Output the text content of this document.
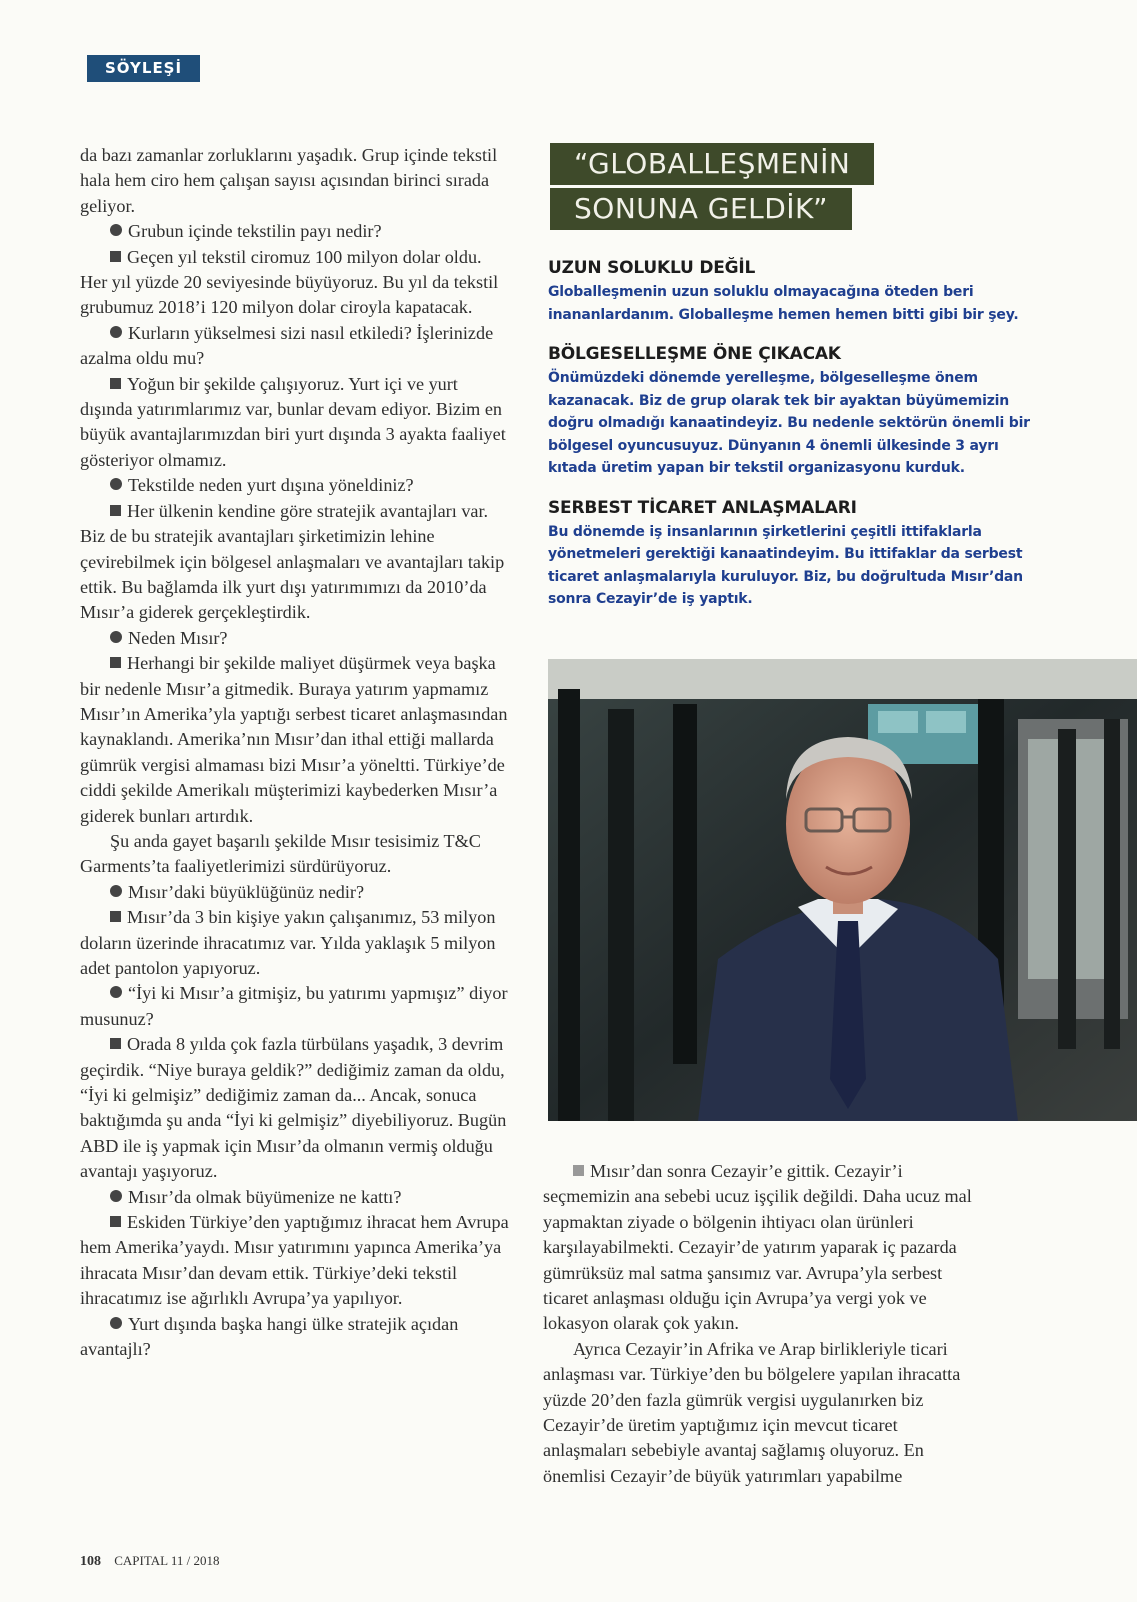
SÖYLEŞİ

da bazı zamanlar zorluklarını yaşadık. Grup içinde tekstil hala hem ciro hem çalışan sayısı açısından birinci sırada geliyor.

Grubun içinde tekstilin payı nedir?

Geçen yıl tekstil ciromuz 100 milyon dolar oldu. Her yıl yüzde 20 seviyesinde büyüyoruz. Bu yıl da tekstil grubumuz 2018’i 120 milyon dolar ciroyla kapatacak.

Kurların yükselmesi sizi nasıl etkiledi? İşlerinizde azalma oldu mu?

Yoğun bir şekilde çalışıyoruz. Yurt içi ve yurt dışında yatırımlarımız var, bunlar devam ediyor. Bizim en büyük avantajlarımızdan biri yurt dışında 3 ayakta faaliyet gösteriyor olmamız.

Tekstilde neden yurt dışına yöneldiniz?

Her ülkenin kendine göre stratejik avantajları var. Biz de bu stratejik avantajları şirketimizin lehine çevirebilmek için bölgesel anlaşmaları ve avantajları takip ettik. Bu bağlamda ilk yurt dışı yatırımımızı da 2010’da Mısır’a giderek gerçekleştirdik.

Neden Mısır?

Herhangi bir şekilde maliyet düşürmek veya başka bir nedenle Mısır’a gitmedik. Buraya yatırım yapmamız Mısır’ın Amerika’yla yaptığı serbest ticaret anlaşmasından kaynaklandı. Amerika’nın Mısır’dan ithal ettiği mallarda gümrük vergisi almaması bizi Mısır’a yöneltti. Türkiye’de ciddi şekilde Amerikalı müşterimizi kaybederken Mısır’a giderek bunları artırdık.

Şu anda gayet başarılı şekilde Mısır tesisimiz T&C Garments’ta faaliyetlerimizi sürdürüyoruz.

Mısır’daki büyüklüğünüz nedir?

Mısır’da 3 bin kişiye yakın çalışanımız, 53 milyon doların üzerinde ihracatımız var. Yılda yaklaşık 5 milyon adet pantolon yapıyoruz.

“İyi ki Mısır’a gitmişiz, bu yatırımı yapmışız” diyor musunuz?

Orada 8 yılda çok fazla türbülans yaşadık, 3 devrim geçirdik. “Niye buraya geldik?” dediğimiz zaman da oldu, “İyi ki gelmişiz” dediğimiz zaman da... Ancak, sonuca baktığımda şu anda “İyi ki gelmişiz” diyebiliyoruz. Bugün ABD ile iş yapmak için Mısır’da olmanın vermiş olduğu avantajı yaşıyoruz.

Mısır’da olmak büyümenize ne kattı?

Eskiden Türkiye’den yaptığımız ihracat hem Avrupa hem Amerika’yaydı. Mısır yatırımını yapınca Amerika’ya ihracata Mısır’dan devam ettik. Türkiye’deki tekstil ihracatımız ise ağırlıklı Avrupa’ya yapılıyor.

Yurt dışında başka hangi ülke stratejik açıdan avantajlı?

“GLOBALLEŞMENİN
SONUNA GELDİK”
UZUN SOLUKLU DEĞİL
Globalleşmenin uzun soluklu olmayacağına öteden beri inananlardanım. Globalleşme hemen hemen bitti gibi bir şey.
BÖLGESELLEŞME ÖNE ÇIKACAK
Önümüzdeki dönemde yerelleşme, bölgeselleşme önem kazanacak. Biz de grup olarak tek bir ayaktan büyümemizin doğru olmadığı kanaatindeyiz. Bu nedenle sektörün önemli bir bölgesel oyuncusuyuz. Dünyanın 4 önemli ülkesinde 3 ayrı kıtada üretim yapan bir tekstil organizasyonu kurduk.
SERBEST TİCARET ANLAŞMALARI
Bu dönemde iş insanlarının şirketlerini çeşitli ittifaklarla yönetmeleri gerektiği kanaatindeyim. Bu ittifaklar da serbest ticaret anlaşmalarıyla kuruluyor. Biz, bu doğrultuda Mısır’dan sonra Cezayir’de iş yaptık.

Mısır’dan sonra Cezayir’e gittik. Cezayir’i seçmemizin ana sebebi ucuz işçilik değildi. Daha ucuz mal yapmaktan ziyade o bölgenin ihtiyacı olan ürünleri karşılayabilmekti. Cezayir’de yatırım yaparak iç pazarda gümrüksüz mal satma şansımız var. Avrupa’yla serbest ticaret anlaşması olduğu için Avrupa’ya vergi yok ve lokasyon olarak çok yakın.

Ayrıca Cezayir’in Afrika ve Arap birlikleriyle ticari anlaşması var. Türkiye’den bu bölgelere yapılan ihracatta yüzde 20’den fazla gümrük vergisi uygulanırken biz Cezayir’de üretim yaptığımız için mevcut ticaret anlaşmaları sebebiyle avantaj sağlamış oluyoruz. En önemlisi Cezayir’de büyük yatırımları yapabilme

108 CAPITAL 11 / 2018
